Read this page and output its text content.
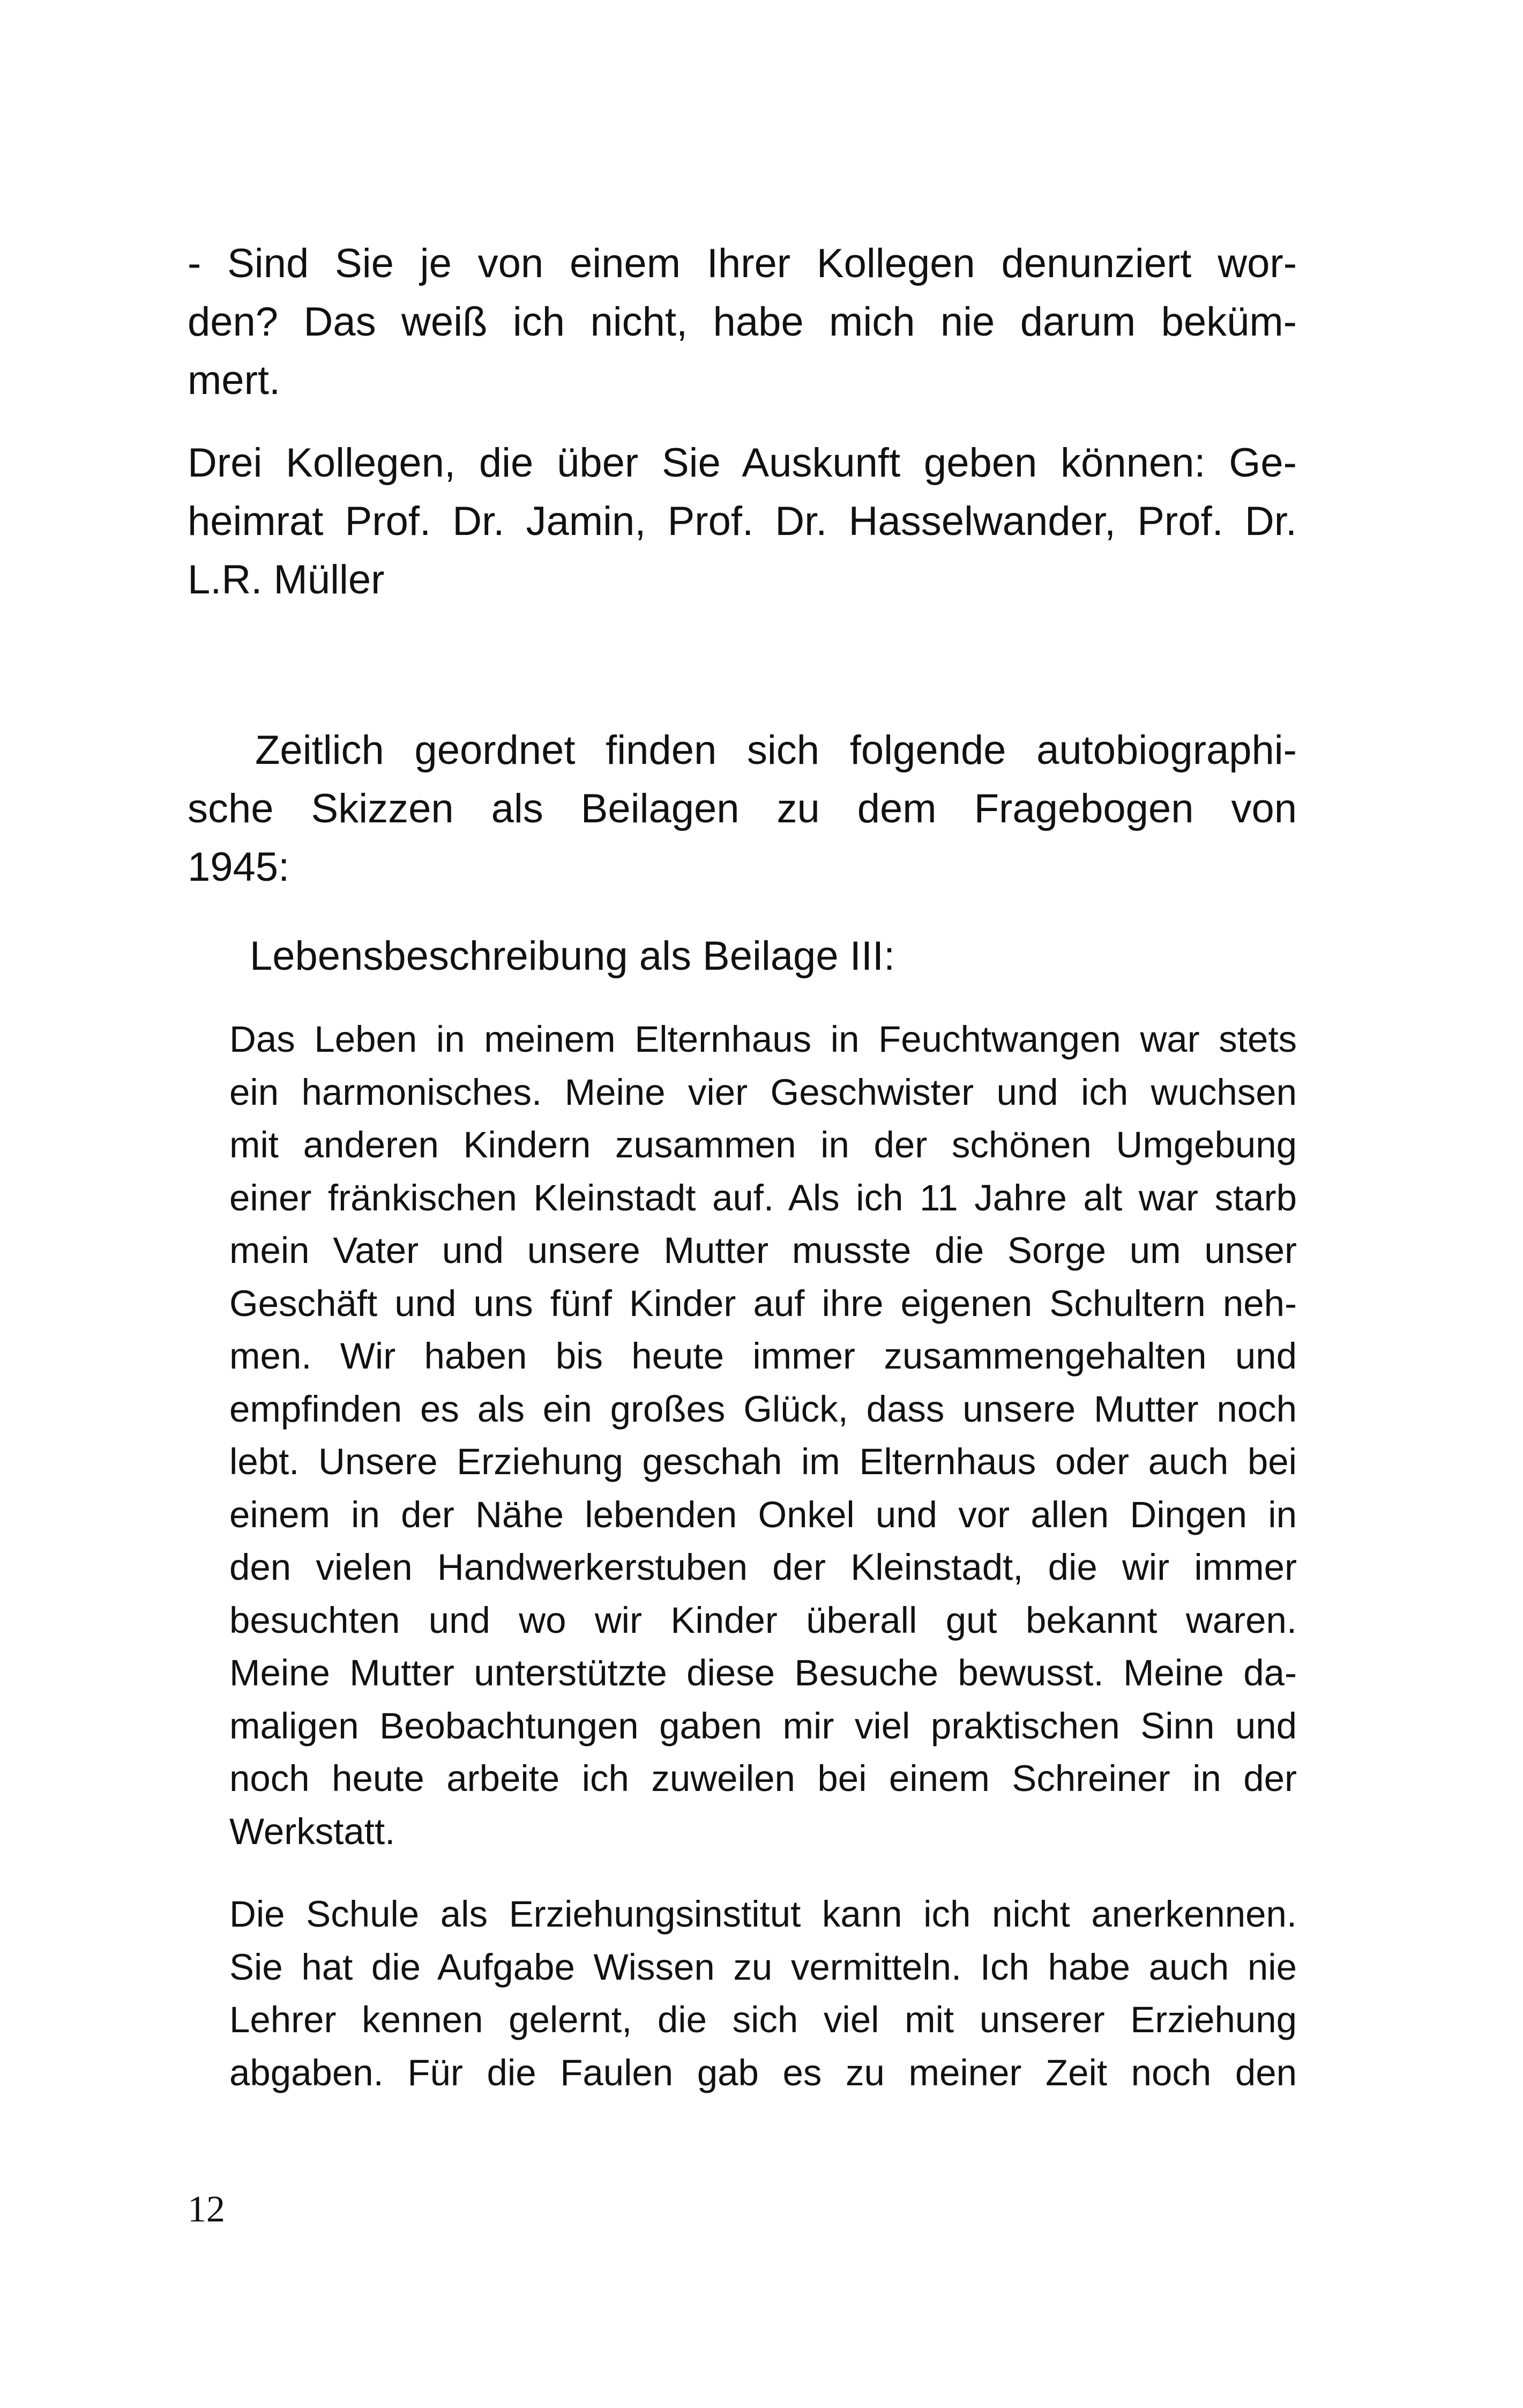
- Sind Sie je von einem Ihrer Kollegen denunziert wor-
den? Das weiß ich nicht, habe mich nie darum beküm-
mert.
Drei Kollegen, die über Sie Auskunft geben können: Ge-
heimrat Prof. Dr. Jamin, Prof. Dr. Hasselwander, Prof. Dr.
L.R. Müller
Zeitlich geordnet finden sich folgende autobiographi-
sche Skizzen als Beilagen zu dem Fragebogen von
1945:
Lebensbeschreibung als Beilage III:
Das Leben in meinem Elternhaus in Feuchtwangen war stets
ein harmonisches. Meine vier Geschwister und ich wuchsen
mit anderen Kindern zusammen in der schönen Umgebung
einer fränkischen Kleinstadt auf. Als ich 11 Jahre alt war starb
mein Vater und unsere Mutter musste die Sorge um unser
Geschäft und uns fünf Kinder auf ihre eigenen Schultern neh-
men. Wir haben bis heute immer zusammengehalten und
empfinden es als ein großes Glück, dass unsere Mutter noch
lebt. Unsere Erziehung geschah im Elternhaus oder auch bei
einem in der Nähe lebenden Onkel und vor allen Dingen in
den vielen Handwerkerstuben der Kleinstadt, die wir immer
besuchten und wo wir Kinder überall gut bekannt waren.
Meine Mutter unterstützte diese Besuche bewusst. Meine da-
maligen Beobachtungen gaben mir viel praktischen Sinn und
noch heute arbeite ich zuweilen bei einem Schreiner in der
Werkstatt.
Die Schule als Erziehungsinstitut kann ich nicht anerkennen.
Sie hat die Aufgabe Wissen zu vermitteln. Ich habe auch nie
Lehrer kennen gelernt, die sich viel mit unserer Erziehung
abgaben. Für die Faulen gab es zu meiner Zeit noch den
12
